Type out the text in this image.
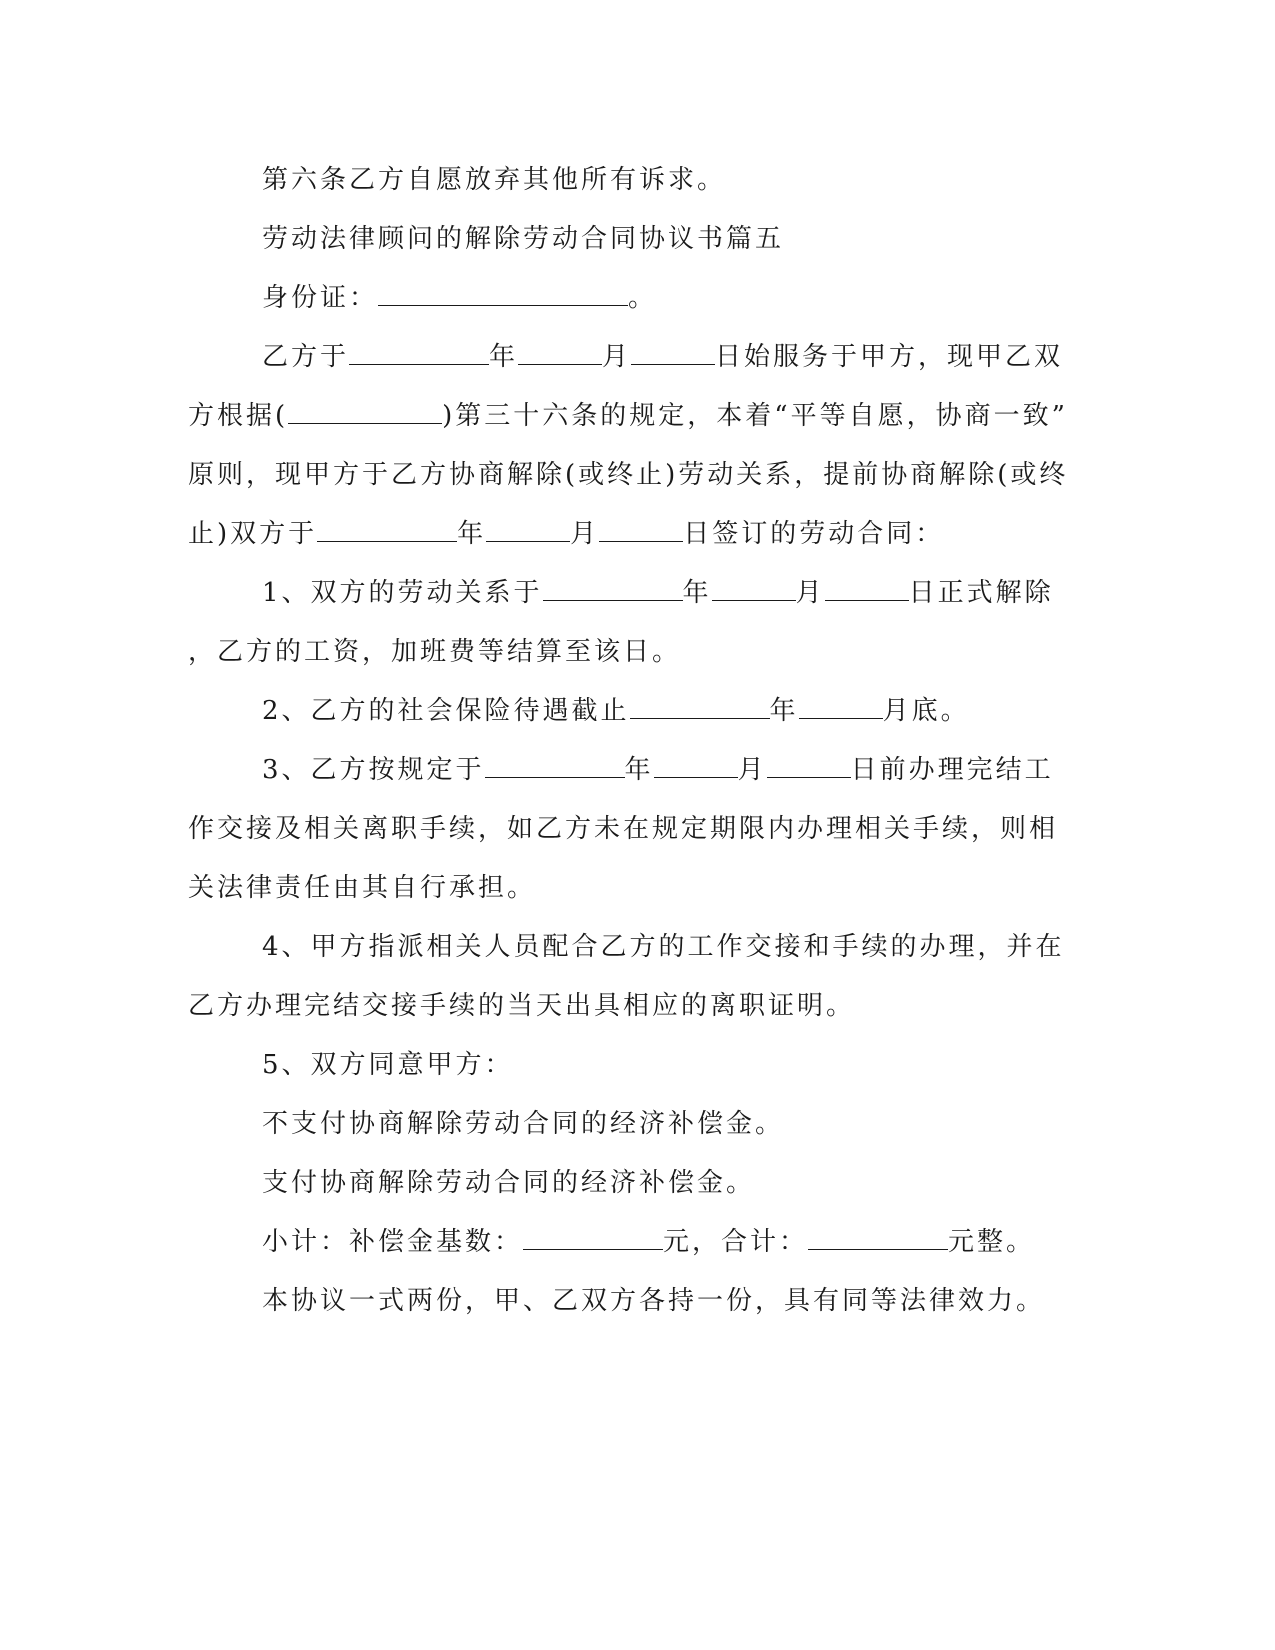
第六条乙方自愿放弃其他所有诉求。
劳动法律顾问的解除劳动合同协议书篇五
身份证：	。
乙方于	年	月	日始服务于甲方，现甲乙双
方根据(	)第三十六条的规定，本着“平等自愿，协商一致”
原则，现甲方于乙方协商解除(或终止)劳动关系，提前协商解除(或终
止)双方于	年	月	日签订的劳动合同：
1、双方的劳动关系于	年	月	日正式解除
，乙方的工资，加班费等结算至该日。
2、乙方的社会保险待遇截止	年	月底。
3、乙方按规定于	年	月	日前办理完结工
作交接及相关离职手续，如乙方未在规定期限内办理相关手续，则相
关法律责任由其自行承担。
4、甲方指派相关人员配合乙方的工作交接和手续的办理，并在
乙方办理完结交接手续的当天出具相应的离职证明。
5、双方同意甲方：
不支付协商解除劳动合同的经济补偿金。
支付协商解除劳动合同的经济补偿金。
小计：补偿金基数：	元，合计：	元整。
本协议一式两份，甲、乙双方各持一份，具有同等法律效力。
